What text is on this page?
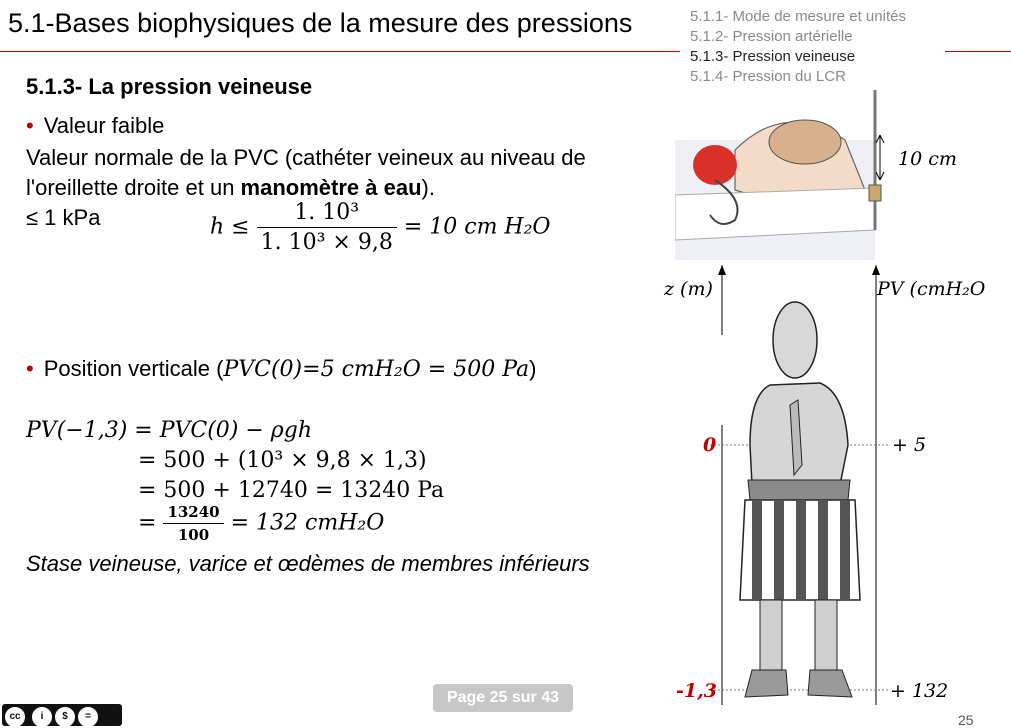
5.1-Bases biophysiques de la mesure des pressions	5.1.1- Mode de mesure et unités
5.1.2- Pression artérielle
5.1.3- Pression veineuse
5.1.4- Pression du LCR
5.1.3- La pression veineuse
• Valeur faible
Valeur normale de la PVC (cathéter veineux au niveau de
l'oreillette droite et un manomètre à eau).
≤ 1 kPa	$h \le \frac{\text{1. 10³}}{\text{1. 10³ × 9,8}} = 10$ cm H₂O
• Position verticale (PVC(0)=5 cmH₂O = 500 Pa)
PV(−1,3) = PVC(0) − ρgh
= 500 + (10³ × 9,8 × 1,3)
= 500 + 12740 = 13240 Pa
= $\frac{13240}{100} = 132$ cmH₂O
Stase veineuse, varice et œdèmes de membres inférieurs
10 cm
z (m)	PV (cmH₂O
0
-1,3
+ 5
+ 132
Page 25 sur 43
cc	i	$	=	25
